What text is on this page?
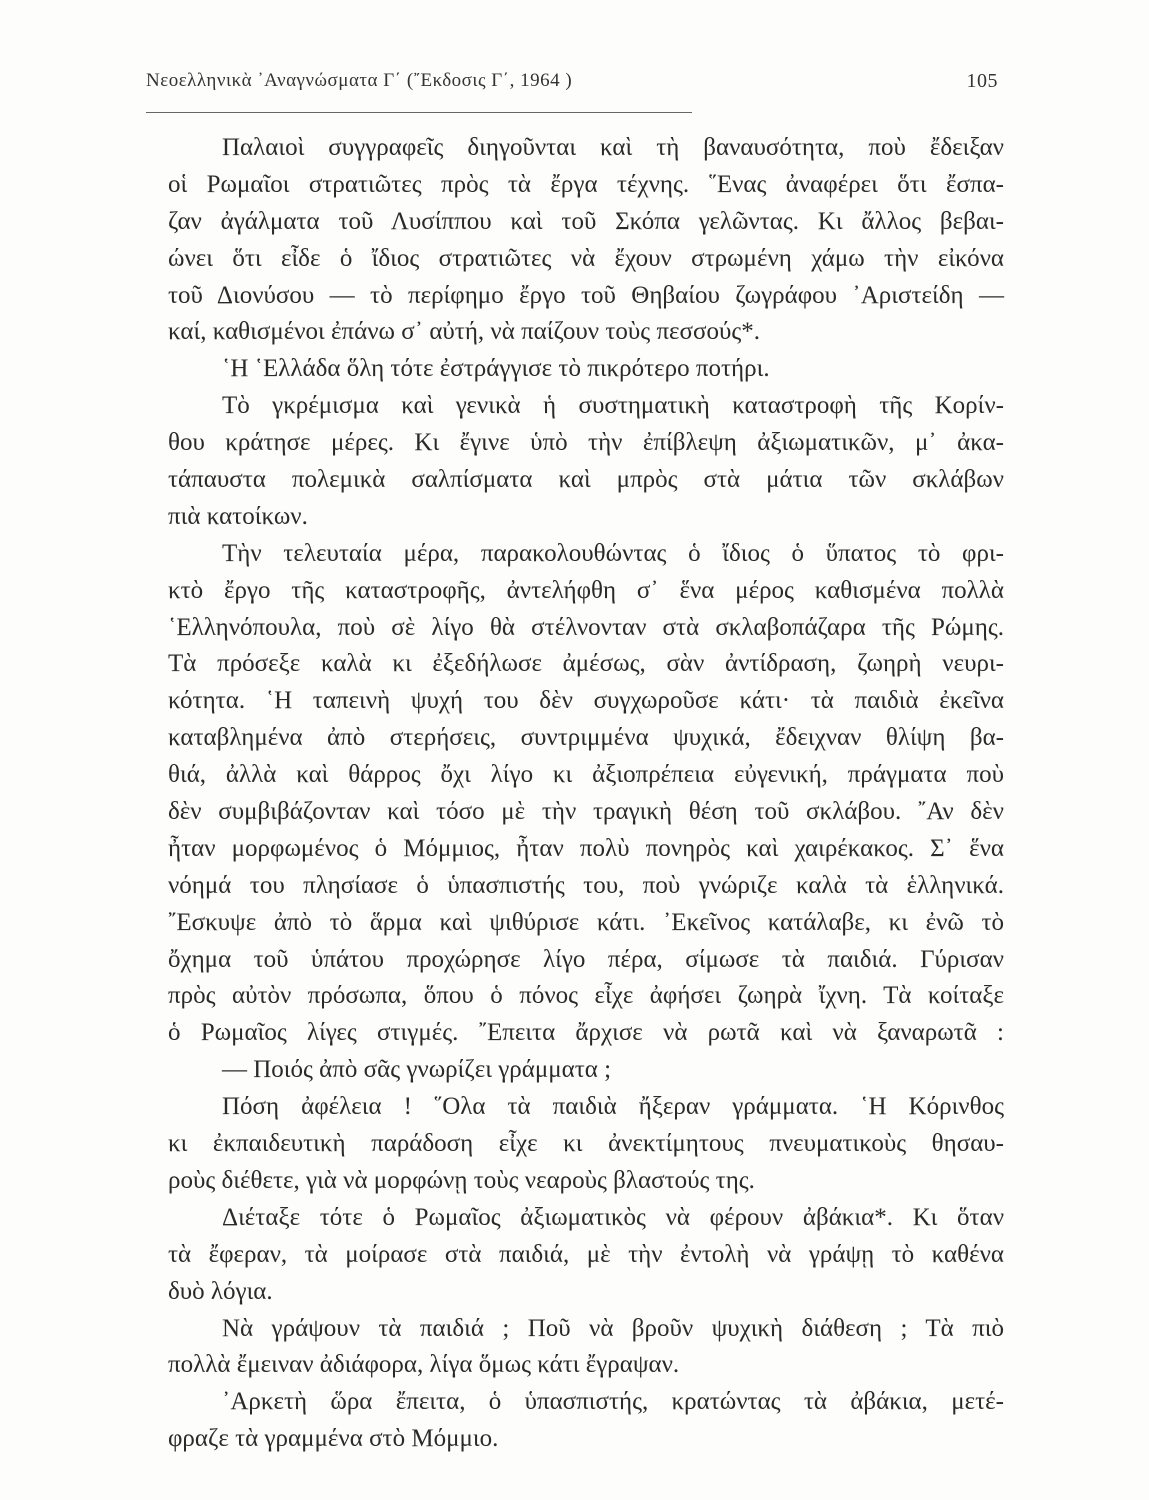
Νεοελληνικὰ ᾿Αναγνώσματα Γ΄ (῎Εκδοσις Γ΄, 1964 )	105
Παλαιοὶ συγγραφεῖς διηγοῦνται καὶ τὴ βαναυσότητα, ποὺ ἔδειξαν
οἱ Ρωμαῖοι στρατιῶτες πρὸς τὰ ἔργα τέχνης. ῞Ενας ἀναφέρει ὅτι ἔσπα-
ζαν ἀγάλματα τοῦ Λυσίππου καὶ τοῦ Σκόπα γελῶντας. Κι ἄλλος βεβαι-
ώνει ὅτι εἶδε ὁ ἴδιος στρατιῶτες νὰ ἔχουν στρωμένη χάμω τὴν εἰκόνα
τοῦ Διονύσου — τὸ περίφημο ἔργο τοῦ Θηβαίου ζωγράφου ᾿Αριστείδη —
καί, καθισμένοι ἐπάνω σ᾿ αὐτή, νὰ παίζουν τοὺς πεσσούς*.
῾Η ῾Ελλάδα ὅλη τότε ἐστράγγισε τὸ πικρότερο ποτήρι.
Τὸ γκρέμισμα καὶ γενικὰ ἡ συστηματικὴ καταστροφὴ τῆς Κορίν-
θου κράτησε μέρες. Κι ἔγινε ὑπὸ τὴν ἐπίβλεψη ἀξιωματικῶν, μ᾿ ἀκα-
τάπαυστα πολεμικὰ σαλπίσματα καὶ μπρὸς στὰ μάτια τῶν σκλάβων
πιὰ κατοίκων.
Τὴν τελευταία μέρα, παρακολουθώντας ὁ ἴδιος ὁ ὕπατος τὸ φρι-
κτὸ ἔργο τῆς καταστροφῆς, ἀντελήφθη σ᾿ ἕνα μέρος καθισμένα πολλὰ
῾Ελληνόπουλα, ποὺ σὲ λίγο θὰ στέλνονταν στὰ σκλαβοπάζαρα τῆς Ρώμης.
Τὰ πρόσεξε καλὰ κι ἐξεδήλωσε ἀμέσως, σὰν ἀντίδραση, ζωηρὴ νευρι-
κότητα. ῾Η ταπεινὴ ψυχή του δὲν συγχωροῦσε κάτι· τὰ παιδιὰ ἐκεῖνα
καταβλημένα ἀπὸ στερήσεις, συντριμμένα ψυχικά, ἔδειχναν θλίψη βα-
θιά, ἀλλὰ καὶ θάρρος ὄχι λίγο κι ἀξιοπρέπεια εὐγενική, πράγματα ποὺ
δὲν συμβιβάζονταν καὶ τόσο μὲ τὴν τραγικὴ θέση τοῦ σκλάβου. ῎Αν δὲν
ἦταν μορφωμένος ὁ Μόμμιος, ἦταν πολὺ πονηρὸς καὶ χαιρέκακος. Σ᾿ ἕνα
νόημά του πλησίασε ὁ ὑπασπιστής του, ποὺ γνώριζε καλὰ τὰ ἑλληνικά.
῎Εσκυψε ἀπὸ τὸ ἅρμα καὶ ψιθύρισε κάτι. ᾿Εκεῖνος κατάλαβε, κι ἐνῶ τὸ
ὄχημα τοῦ ὑπάτου προχώρησε λίγο πέρα, σίμωσε τὰ παιδιά. Γύρισαν
πρὸς αὐτὸν πρόσωπα, ὅπου ὁ πόνος εἶχε ἀφήσει ζωηρὰ ἴχνη. Τὰ κοίταξε
ὁ Ρωμαῖος λίγες στιγμές. ῎Επειτα ἄρχισε νὰ ρωτᾶ καὶ νὰ ξαναρωτᾶ :
— Ποιός ἀπὸ σᾶς γνωρίζει γράμματα ;
Πόση ἀφέλεια ! ῞Ολα τὰ παιδιὰ ἤξεραν γράμματα. ῾Η Κόρινθος
κι ἐκπαιδευτικὴ παράδοση εἶχε κι ἀνεκτίμητους πνευματικοὺς θησαυ-
ροὺς διέθετε, γιὰ νὰ μορφώνῃ τοὺς νεαροὺς βλαστούς της.
Διέταξε τότε ὁ Ρωμαῖος ἀξιωματικὸς νὰ φέρουν ἀβάκια*. Κι ὅταν
τὰ ἔφεραν, τὰ μοίρασε στὰ παιδιά, μὲ τὴν ἐντολὴ νὰ γράψῃ τὸ καθένα
δυὸ λόγια.
Νὰ γράψουν τὰ παιδιά ; Ποῦ νὰ βροῦν ψυχικὴ διάθεση ; Τὰ πιὸ
πολλὰ ἔμειναν ἀδιάφορα, λίγα ὅμως κάτι ἔγραψαν.
᾿Αρκετὴ ὥρα ἔπειτα, ὁ ὑπασπιστής, κρατώντας τὰ ἀβάκια, μετέ-
φραζε τὰ γραμμένα στὸ Μόμμιο.
